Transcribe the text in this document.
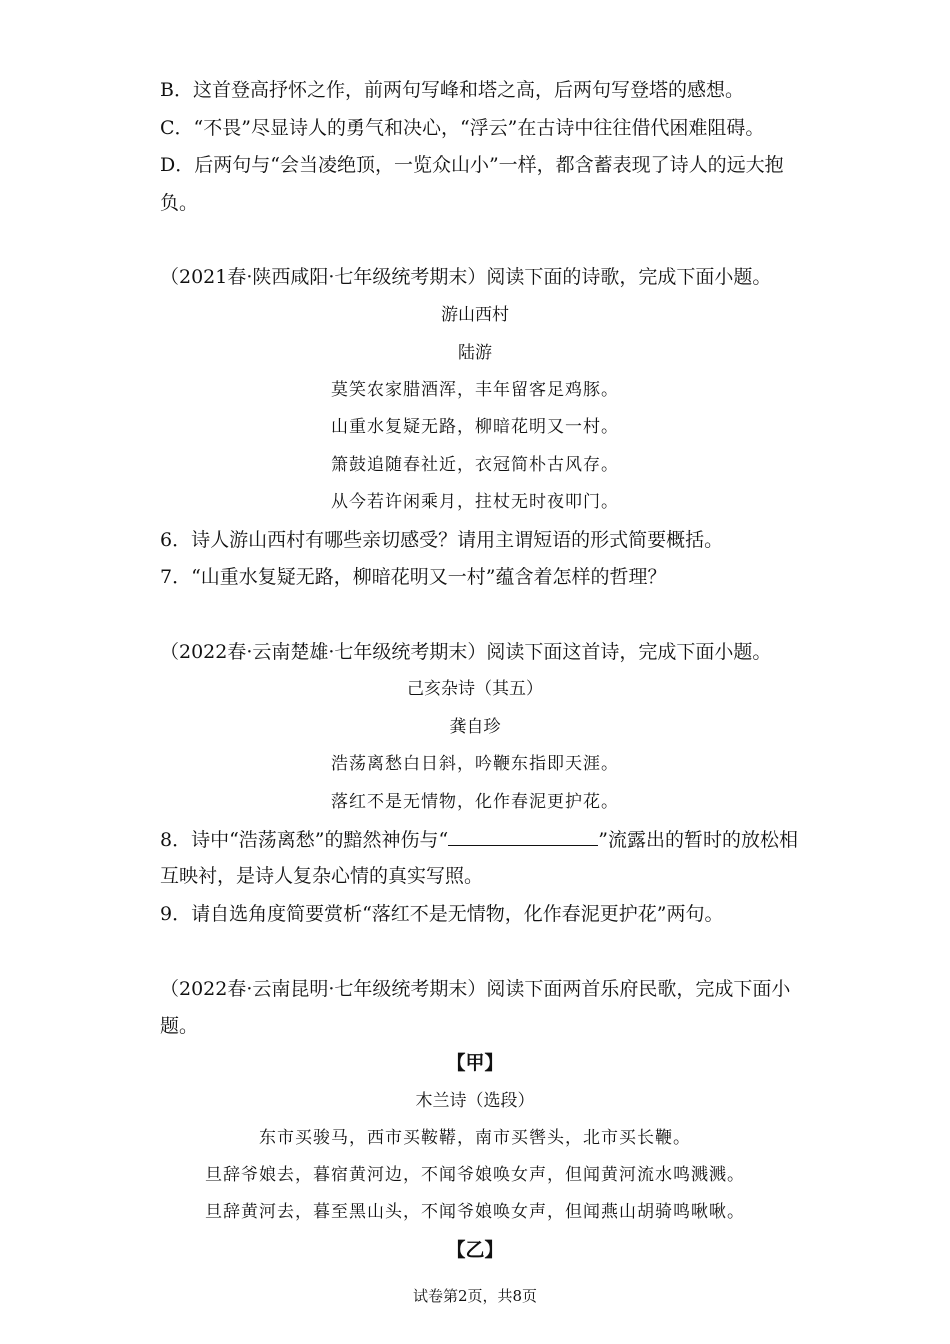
B．这首登高抒怀之作，前两句写峰和塔之高，后两句写登塔的感想。
C．“不畏”尽显诗人的勇气和决心，“浮云”在古诗中往往借代困难阻碍。
D．后两句与“会当凌绝顶，一览众山小”一样，都含蓄表现了诗人的远大抱
负。
（2021春·陕西咸阳·七年级统考期末）阅读下面的诗歌，完成下面小题。
游山西村
陆游
莫笑农家腊酒浑，丰年留客足鸡豚。
山重水复疑无路，柳暗花明又一村。
箫鼓追随春社近，衣冠简朴古风存。
从今若许闲乘月，拄杖无时夜叩门。
6．诗人游山西村有哪些亲切感受？请用主谓短语的形式简要概括。
7．“山重水复疑无路，柳暗花明又一村”蕴含着怎样的哲理？
（2022春·云南楚雄·七年级统考期末）阅读下面这首诗，完成下面小题。
己亥杂诗（其五）
龚自珍
浩荡离愁白日斜，吟鞭东指即天涯。
落红不是无情物，化作春泥更护花。
8．诗中“浩荡离愁”的黯然神伤与“	”流露出的暂时的放松相
互映衬，是诗人复杂心情的真实写照。
9．请自选角度简要赏析“落红不是无情物，化作春泥更护花”两句。
（2022春·云南昆明·七年级统考期末）阅读下面两首乐府民歌，完成下面小
题。
【甲】
木兰诗（选段）
东市买骏马，西市买鞍鞯，南市买辔头，北市买长鞭。
旦辞爷娘去，暮宿黄河边，不闻爷娘唤女声，但闻黄河流水鸣溅溅。
旦辞黄河去，暮至黑山头，不闻爷娘唤女声，但闻燕山胡骑鸣啾啾。
【乙】
试卷第2页，共8页
